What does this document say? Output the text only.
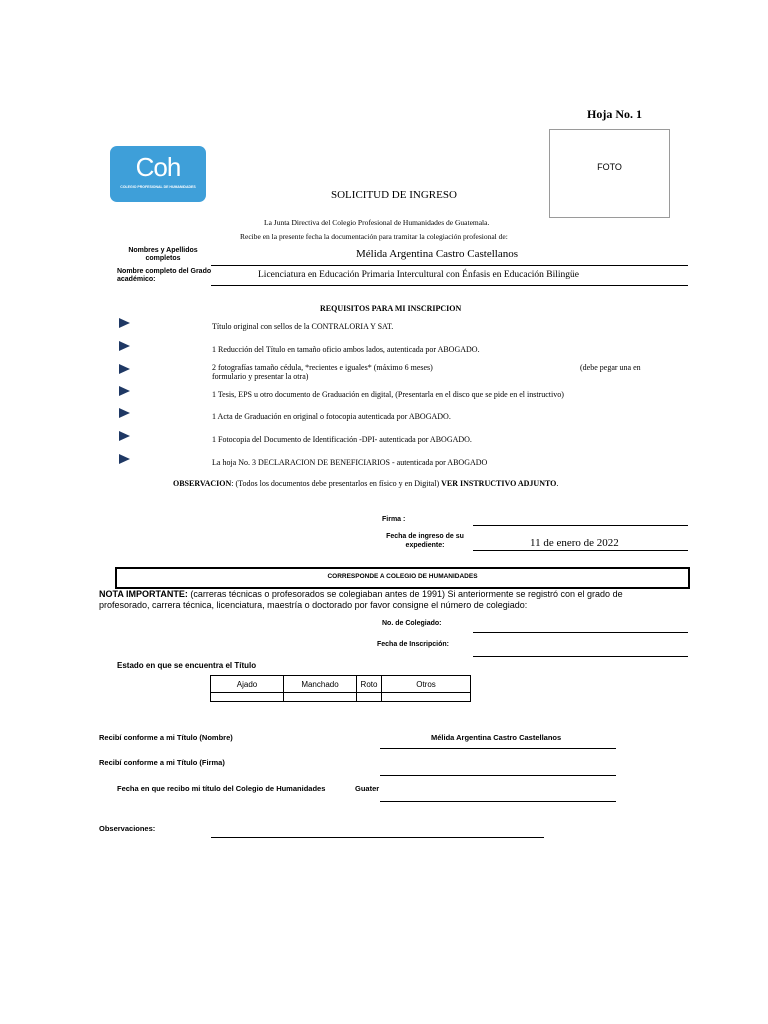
Hoja No. 1
FOTO
Coh
COLEGIO PROFESIONAL DE HUMANIDADES
SOLICITUD DE INGRESO
La Junta Directiva del Colegio Profesional de Humanidades de Guatemala.
Recibe en la presente fecha la documentación para tramitar la colegiación profesional de:
Nombres y Apellidos completos	Mélida Argentina Castro Castellanos
Nombre completo del Grado académico:	Licenciatura en Educación Primaria Intercultural con Énfasis en Educación Bilingüe
REQUISITOS PARA MI INSCRIPCION
Título original con sellos de la CONTRALORIA Y SAT.
1 Reducción del Título en tamaño oficio ambos lados, autenticada por ABOGADO.
2 fotografías tamaño cédula, *recientes e iguales* (máximo 6 meses)	(debe pegar una en
formulario y presentar la otra)
1 Tesis, EPS u otro documento de Graduación en digital, (Presentarla en el disco que se pide en el instructivo)
1 Acta de Graduación en original o fotocopia autenticada por ABOGADO.
1 Fotocopia del Documento de Identificación -DPI- autenticada por ABOGADO.
La hoja No. 3 DECLARACION DE BENEFICIARIOS - autenticada por ABOGADO
OBSERVACION: (Todos los documentos debe presentarlos en físico y en Digital) VER INSTRUCTIVO ADJUNTO.
Firma :
Fecha de ingreso de su expediente:	11 de enero de 2022
CORRESPONDE A COLEGIO DE HUMANIDADES
NOTA IMPORTANTE: (carreras técnicas o profesorados se colegiaban antes de 1991) Si anteriormente se registró con el grado de profesorado, carrera técnica, licenciatura, maestría o doctorado por favor consigne el número de colegiado:
No. de Colegiado:
Fecha de Inscripción:
Estado en que se encuentra el Título
Ajado	Manchado	Roto	Otros

Recibí conforme a mi Título (Nombre)	Mélida Argentina Castro Castellanos
Recibí conforme a mi Título (Firma)
Fecha en que recibo mi título del Colegio de Humanidades	Guater
Observaciones:
